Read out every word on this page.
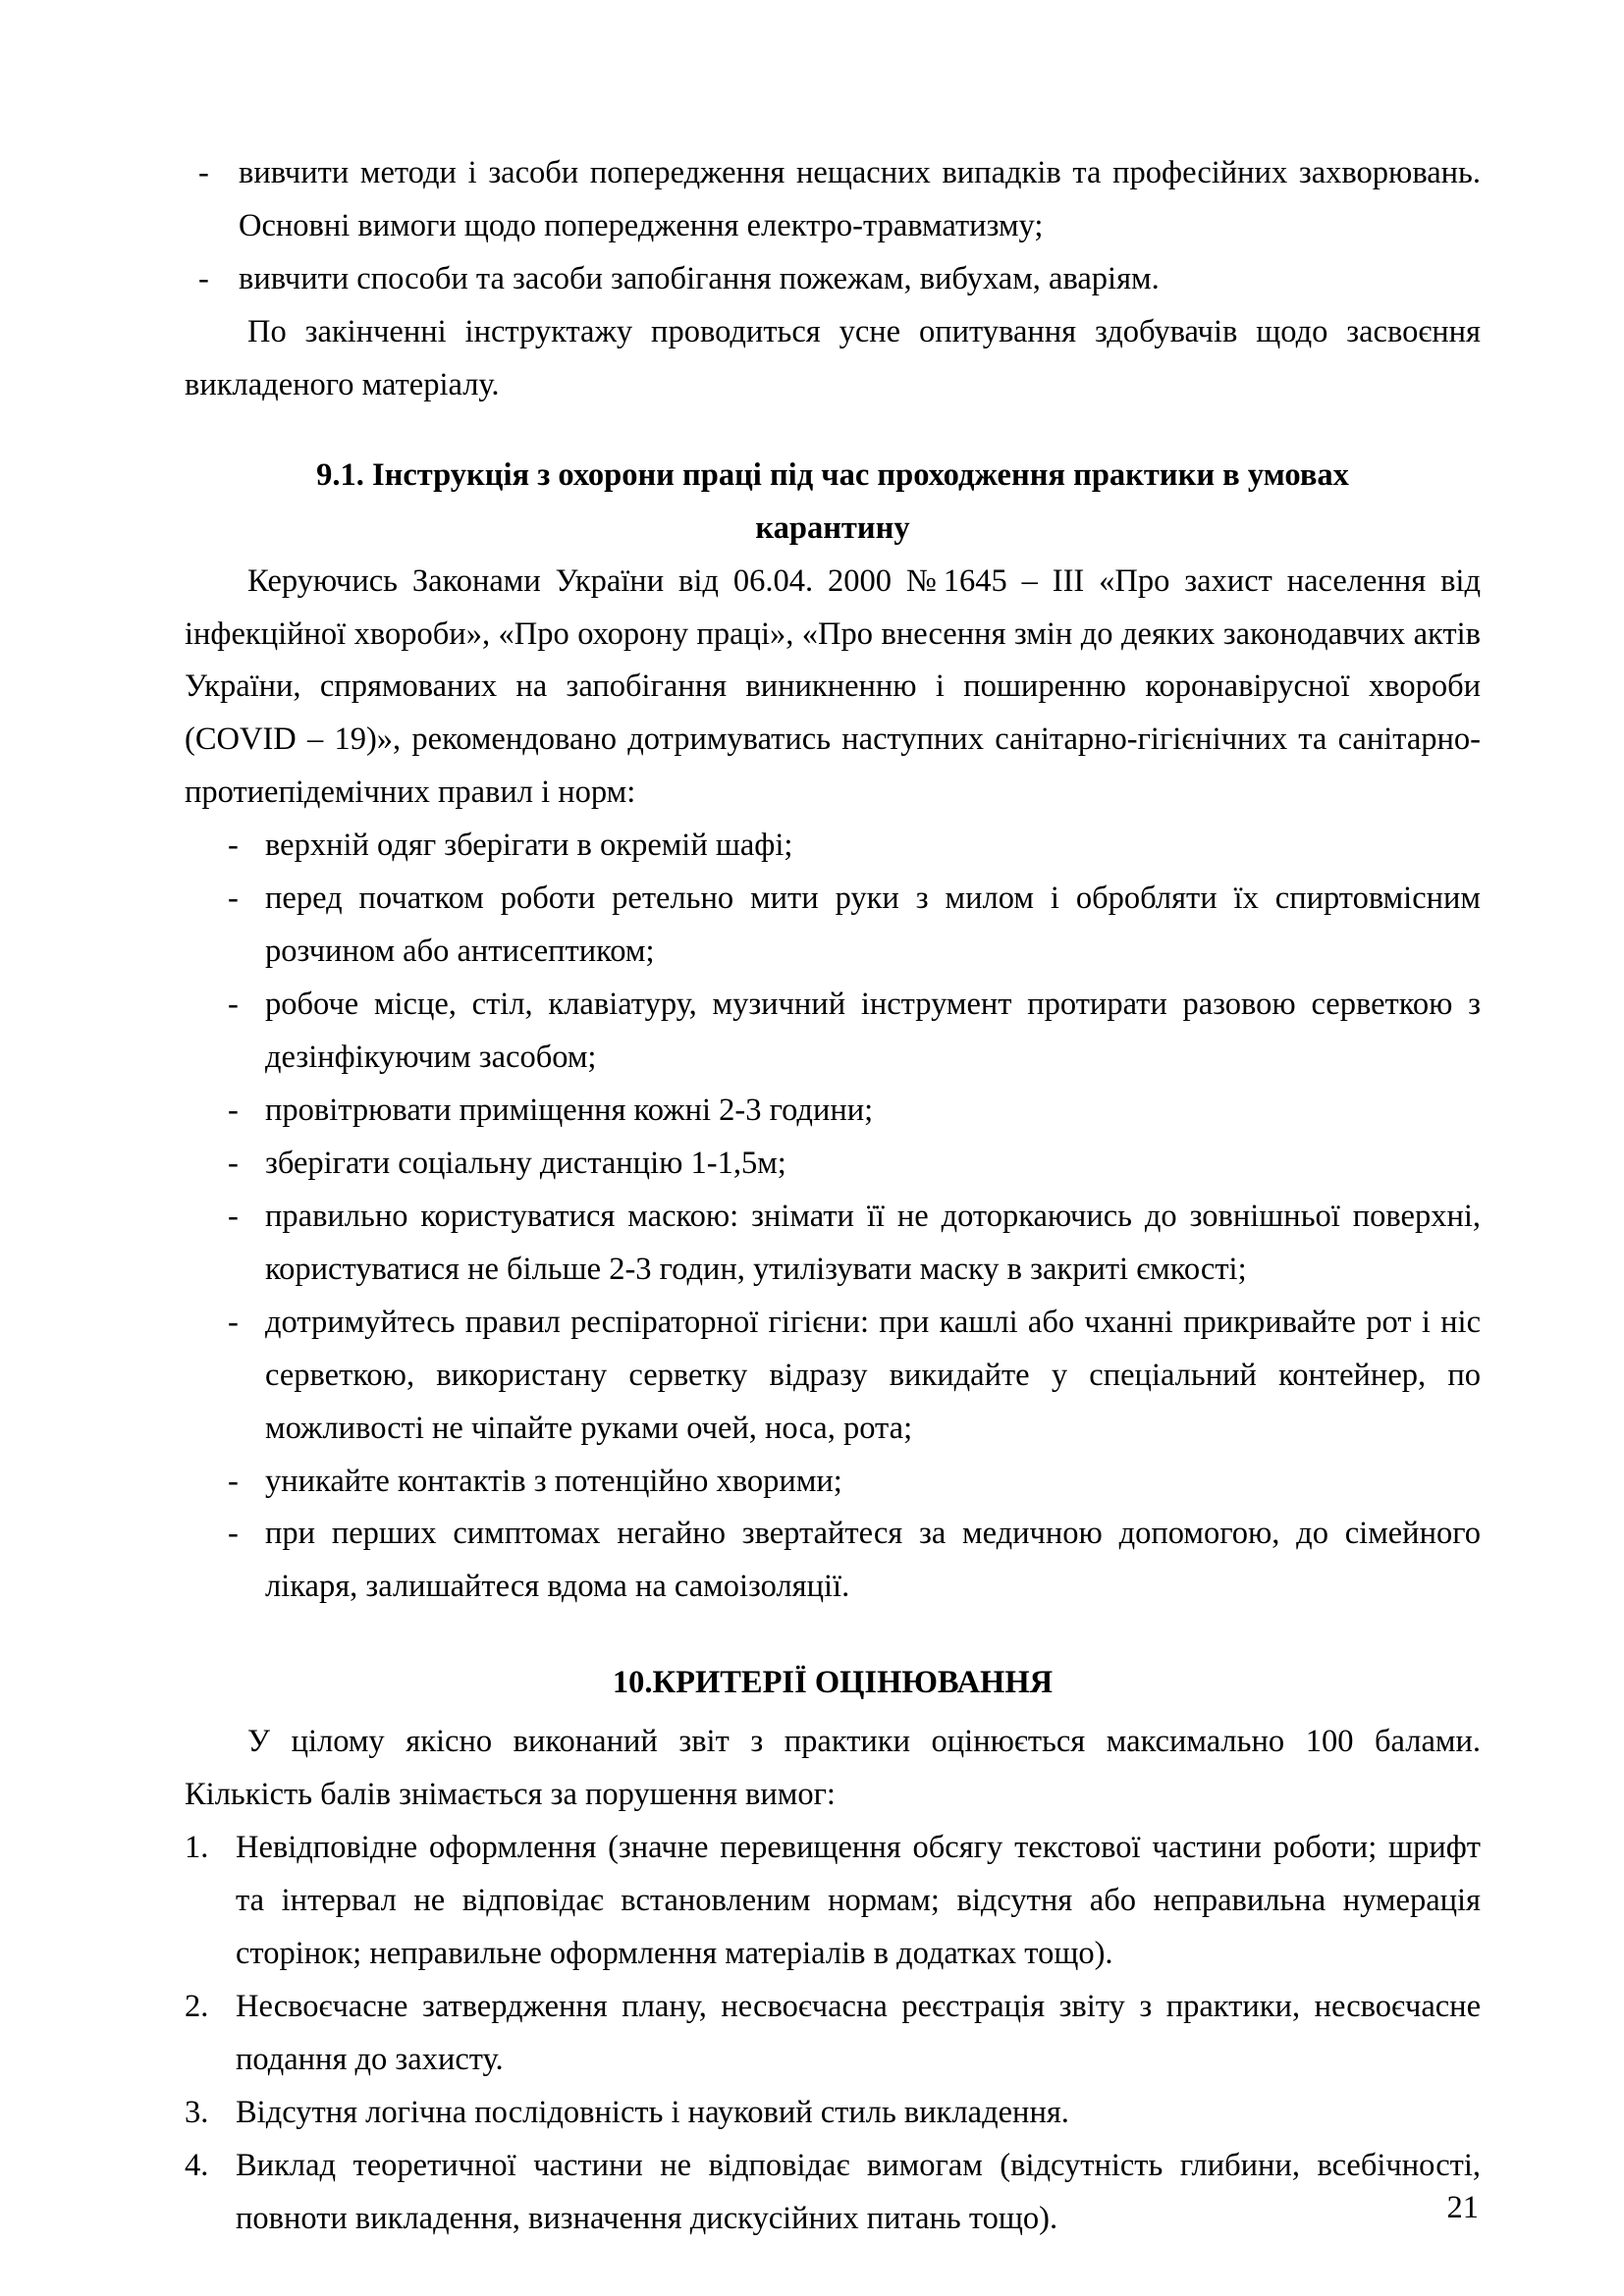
- вивчити методи і засоби попередження нещасних випадків та професійних захворювань. Основні вимоги щодо попередження електро-травматизму;
- вивчити способи та засоби запобігання пожежам, вибухам, аваріям.

По закінченні інструктажу проводиться усне опитування здобувачів щодо засвоєння викладеного матеріалу.

9.1. Інструкція з охорони праці під час проходження практики в умовах
карантину

Керуючись Законами України від 06.04. 2000 №1645 – ІІІ «Про захист населення від інфекційної хвороби», «Про охорону праці», «Про внесення змін до деяких законодавчих актів України, спрямованих на запобігання виникненню і поширенню коронавірусної хвороби (COVID – 19)», рекомендовано дотримуватись наступних санітарно-гігієнічних та санітарно-протиепідемічних правил і норм:

- верхній одяг зберігати в окремій шафі;
- перед початком роботи ретельно мити руки з милом і обробляти їх спиртовмісним розчином або антисептиком;
- робоче місце, стіл, клавіатуру, музичний інструмент протирати разовою серветкою з дезінфікуючим засобом;
- провітрювати приміщення кожні 2-3 години;
- зберігати соціальну дистанцію 1-1,5м;
- правильно користуватися маскою: знімати її не доторкаючись до зовнішньої поверхні, користуватися не більше 2-3 годин, утилізувати маску в закриті ємкості;
- дотримуйтесь правил респіраторної гігієни: при кашлі або чханні прикривайте рот і ніс серветкою, використану серветку відразу викидайте у спеціальний контейнер, по можливості не чіпайте руками очей, носа, рота;
- уникайте контактів з потенційно хворими;
- при перших симптомах негайно звертайтеся за медичною допомогою, до сімейного лікаря, залишайтеся вдома на самоізоляції.
10.КРИТЕРІЇ ОЦІНЮВАННЯ

У цілому якісно виконаний звіт з практики оцінюється максимально 100 балами. Кількість балів знімається за порушення вимог:

1. Невідповідне оформлення (значне перевищення обсягу текстової частини роботи; шрифт та інтервал не відповідає встановленим нормам; відсутня або неправильна нумерація сторінок; неправильне оформлення матеріалів в додатках тощо).
2. Несвоєчасне затвердження плану, несвоєчасна реєстрація звіту з практики, несвоєчасне подання до захисту.
3. Відсутня логічна послідовність і науковий стиль викладення.
4. Виклад теоретичної частини не відповідає вимогам (відсутність глибини, всебічності, повноти викладення, визначення дискусійних питань тощо).	21
